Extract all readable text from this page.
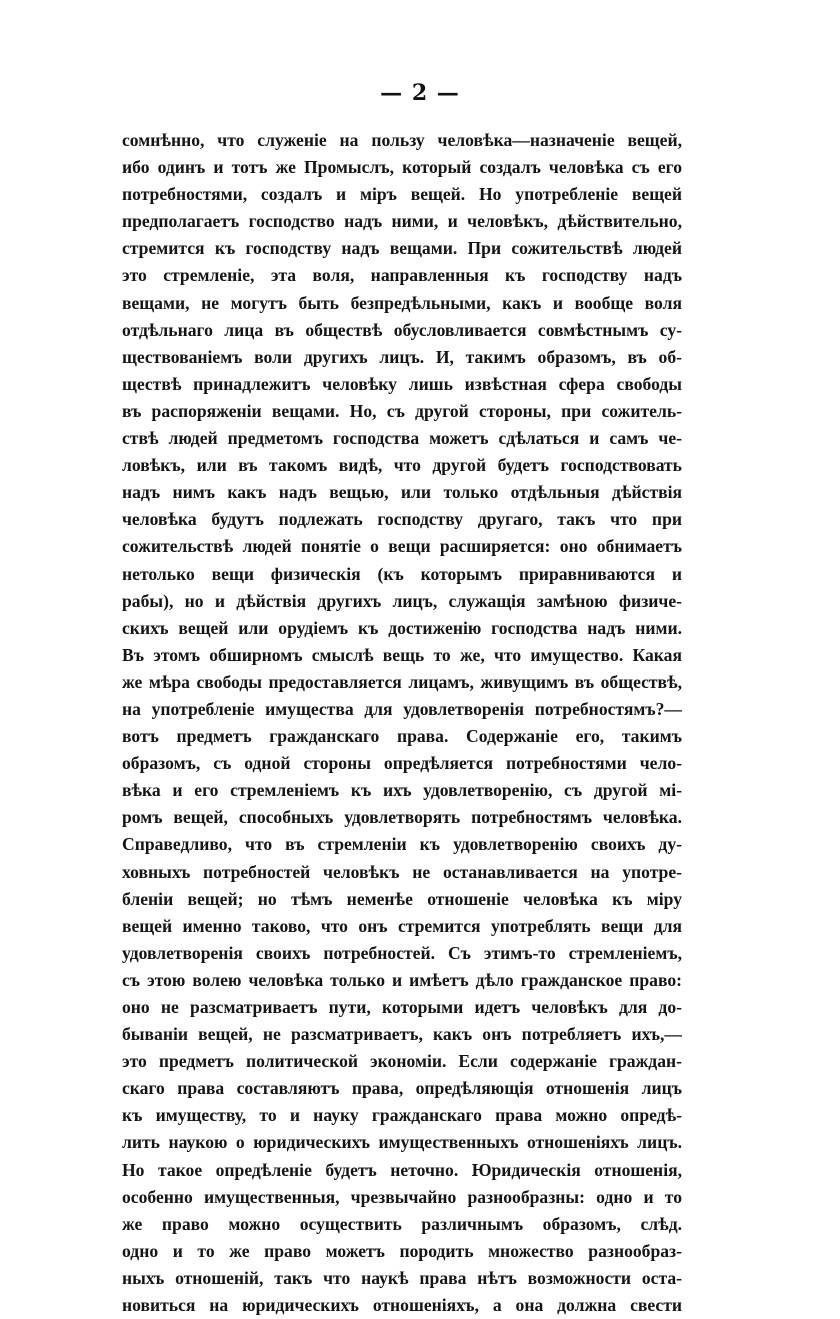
— 2 —
сомнѣнно, что служеніе на пользу человѣка—назначеніе вещей,
ибо одинъ и тотъ же Промыслъ, который создалъ человѣка съ его
потребностями, создалъ и міръ вещей. Но употребленіе вещей
предполагаетъ господство надъ ними, и человѣкъ, дѣйствительно,
стремится къ господству надъ вещами. При сожительствѣ людей
это стремленіе, эта воля, направленныя къ господству надъ
вещами, не могутъ быть безпредѣльными, какъ и вообще воля
отдѣльнаго лица въ обществѣ обусловливается совмѣстнымъ су-
ществованіемъ воли другихъ лицъ. И, такимъ образомъ, въ об-
ществѣ принадлежитъ человѣку лишь извѣстная сфера свободы
въ распоряженіи вещами. Но, съ другой стороны, при сожитель-
ствѣ людей предметомъ господства можетъ сдѣлаться и самъ че-
ловѣкъ, или въ такомъ видѣ, что другой будетъ господствовать
надъ нимъ какъ надъ вещью, или только отдѣльныя дѣйствія
человѣка будутъ подлежать господству другаго, такъ что при
сожительствѣ людей понятіе о вещи расширяется: оно обнимаетъ
нетолько вещи физическія (къ которымъ приравниваются и
рабы), но и дѣйствія другихъ лицъ, служащія замѣною физиче-
скихъ вещей или орудіемъ къ достиженію господства надъ ними.
Въ этомъ обширномъ смыслѣ вещь то же, что имущество. Какая
же мѣра свободы предоставляется лицамъ, живущимъ въ обществѣ,
на употребленіе имущества для удовлетворенія потребностямъ?—
вотъ предметъ гражданскаго права. Содержаніе его, такимъ
образомъ, съ одной стороны опредѣляется потребностями чело-
вѣка и его стремленіемъ къ ихъ удовлетворенію, съ другой мі-
ромъ вещей, способныхъ удовлетворять потребностямъ человѣка.
Справедливо, что въ стремленіи къ удовлетворенію своихъ ду-
ховныхъ потребностей человѣкъ не останавливается на употре-
бленіи вещей; но тѣмъ неменѣе отношеніе человѣка къ міру
вещей именно таково, что онъ стремится употреблять вещи для
удовлетворенія своихъ потребностей. Съ этимъ-то стремленіемъ,
съ этою волею человѣка только и имѣетъ дѣло гражданское право:
оно не разсматриваетъ пути, которыми идетъ человѣкъ для до-
бываніи вещей, не разсматриваетъ, какъ онъ потребляетъ ихъ,—
это предметъ политической экономіи. Если содержаніе граждан-
скаго права составляютъ права, опредѣляющія отношенія лицъ
къ имуществу, то и науку гражданскаго права можно опредѣ-
лить наукою о юридическихъ имущественныхъ отношеніяхъ лицъ.
Но такое опредѣленіе будетъ неточно. Юридическія отношенія,
особенно имущественныя, чрезвычайно разнообразны: одно и то
же право можно осуществить различнымъ образомъ, слѣд.
одно и то же право можетъ породить множество разнообраз-
ныхъ отношеній, такъ что наукѣ права нѣтъ возможности оста-
новиться на юридическихъ отношеніяхъ, а она должна свести
